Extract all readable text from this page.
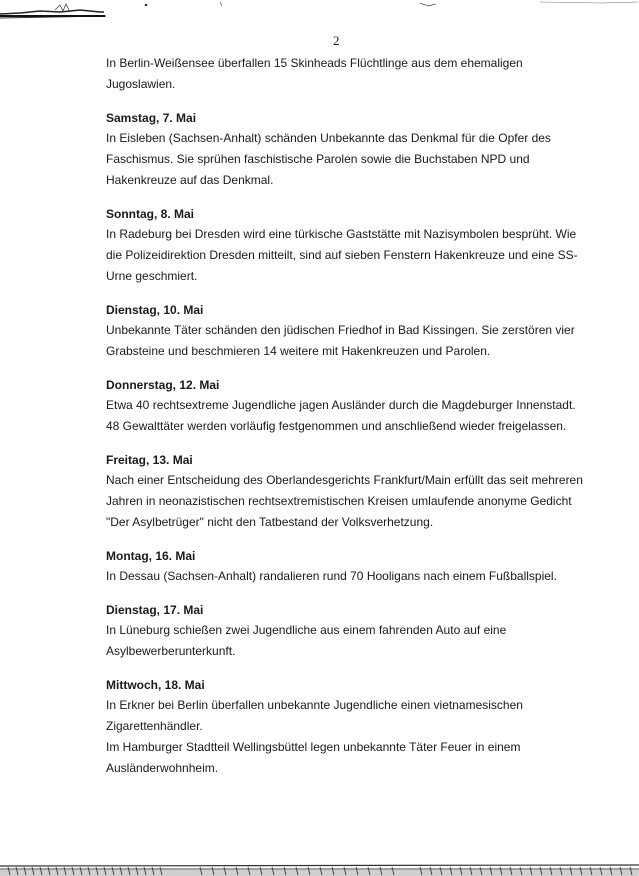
2
In Berlin-Weißensee überfallen 15 Skinheads Flüchtlinge aus dem ehemaligen
Jugoslawien.
Samstag, 7. Mai
In Eisleben (Sachsen-Anhalt) schänden Unbekannte das Denkmal für die Opfer des
Faschismus. Sie sprühen faschistische Parolen sowie die Buchstaben NPD und
Hakenkreuze auf das Denkmal.
Sonntag, 8. Mai
In Radeburg bei Dresden wird eine türkische Gaststätte mit Nazisymbolen besprüht. Wie
die Polizeidirektion Dresden mitteilt, sind auf sieben Fenstern Hakenkreuze und eine SS-
Urne geschmiert.
Dienstag, 10. Mai
Unbekannte Täter schänden den jüdischen Friedhof in Bad Kissingen. Sie zerstören vier
Grabsteine und beschmieren 14 weitere mit Hakenkreuzen und Parolen.
Donnerstag, 12. Mai
Etwa 40 rechtsextreme Jugendliche jagen Ausländer durch die Magdeburger Innenstadt.
48 Gewalttäter werden vorläufig festgenommen und anschließend wieder freigelassen.
Freitag, 13. Mai
Nach einer Entscheidung des Oberlandesgerichts Frankfurt/Main erfüllt das seit mehreren
Jahren in neonazistischen rechtsextremistischen Kreisen umlaufende anonyme Gedicht
"Der Asylbetrüger" nicht den Tatbestand der Volksverhetzung.
Montag, 16. Mai
In Dessau (Sachsen-Anhalt) randalieren rund 70 Hooligans nach einem Fußballspiel.
Dienstag, 17. Mai
In Lüneburg schießen zwei Jugendliche aus einem fahrenden Auto auf eine
Asylbewerberunterkunft.
Mittwoch, 18. Mai
In Erkner bei Berlin überfallen unbekannte Jugendliche einen vietnamesischen
Zigarettenhändler.
Im Hamburger Stadtteil Wellingsbüttel legen unbekannte Täter Feuer in einem
Ausländerwohnheim.
